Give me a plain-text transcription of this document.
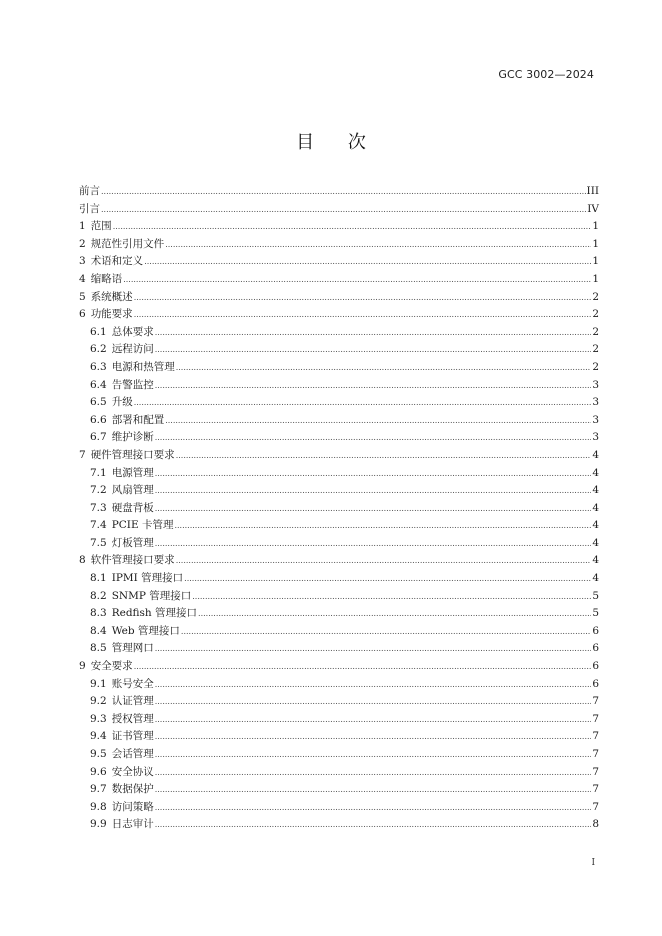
GCC 3002—2024
目 次
前言 .....	III
引言 .....	IV
1 范围 .....	1
2 规范性引用文件 .....	1
3 术语和定义 .....	1
4 缩略语 .....	1
5 系统概述 .....	2
6 功能要求 .....	2
6.1 总体要求 .....	2
6.2 远程访问 .....	2
6.3 电源和热管理 .....	2
6.4 告警监控 .....	3
6.5 升级 .....	3
6.6 部署和配置 .....	3
6.7 维护诊断 .....	3
7 硬件管理接口要求 .....	4
7.1 电源管理 .....	4
7.2 风扇管理 .....	4
7.3 硬盘背板 .....	4
7.4 PCIE 卡管理 .....	4
7.5 灯板管理 .....	4
8 软件管理接口要求 .....	4
8.1 IPMI 管理接口 .....	4
8.2 SNMP 管理接口 .....	5
8.3 Redfish 管理接口 .....	5
8.4 Web 管理接口 .....	6
8.5 管理网口 .....	6
9 安全要求 .....	6
9.1 账号安全 .....	6
9.2 认证管理 .....	7
9.3 授权管理 .....	7
9.4 证书管理 .....	7
9.5 会话管理 .....	7
9.6 安全协议 .....	7
9.7 数据保护 .....	7
9.8 访问策略 .....	7
9.9 日志审计 .....	8
I
